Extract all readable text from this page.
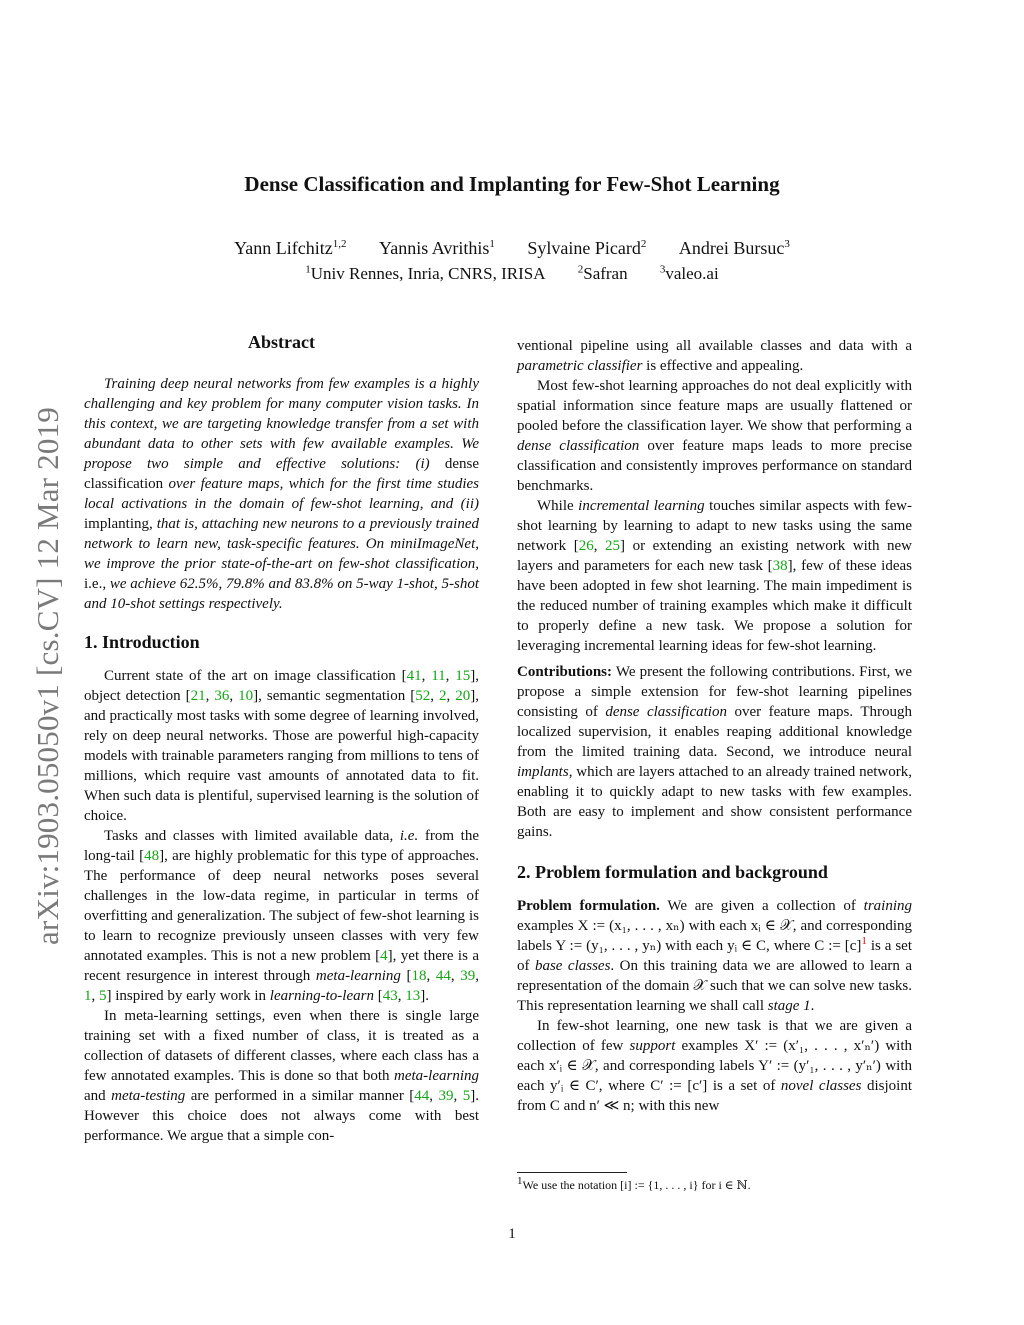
Dense Classification and Implanting for Few-Shot Learning
Yann Lifchitz$^{1,2}$ Yannis Avrithis$^1$ Sylvaine Picard$^2$ Andrei Bursuc$^3$
$^1$Univ Rennes, Inria, CNRS, IRISA	$^2$Safran	$^3$valeo.ai
arXiv:1903.05050v1 [cs.CV] 12 Mar 2019
Abstract

Training deep neural networks from few examples is a highly challenging and key problem for many computer vision tasks. In this context, we are targeting knowledge transfer from a set with abundant data to other sets with few available examples. We propose two simple and effective solutions: (i) dense classification over feature maps, which for the first time studies local activations in the domain of few-shot learning, and (ii) implanting, that is, attaching new neurons to a previously trained network to learn new, task-specific features. On miniImageNet, we improve the prior state-of-the-art on few-shot classification, i.e., we achieve 62.5%, 79.8% and 83.8% on 5-way 1-shot, 5-shot and 10-shot settings respectively.

1. Introduction

Current state of the art on image classification [41, 11, 15], object detection [21, 36, 10], semantic segmentation [52, 2, 20], and practically most tasks with some degree of learning involved, rely on deep neural networks. Those are powerful high-capacity models with trainable parameters ranging from millions to tens of millions, which require vast amounts of annotated data to fit. When such data is plentiful, supervised learning is the solution of choice.

Tasks and classes with limited available data, i.e. from the long-tail [48], are highly problematic for this type of approaches. The performance of deep neural networks poses several challenges in the low-data regime, in particular in terms of overfitting and generalization. The subject of few-shot learning is to learn to recognize previously unseen classes with very few annotated examples. This is not a new problem [4], yet there is a recent resurgence in interest through meta-learning [18, 44, 39, 1, 5] inspired by early work in learning-to-learn [43, 13].

In meta-learning settings, even when there is single large training set with a fixed number of class, it is treated as a collection of datasets of different classes, where each class has a few annotated examples. This is done so that both meta-learning and meta-testing are performed in a similar manner [44, 39, 5]. However this choice does not always come with best performance. We argue that a simple con-

ventional pipeline using all available classes and data with a parametric classifier is effective and appealing.

Most few-shot learning approaches do not deal explicitly with spatial information since feature maps are usually flattened or pooled before the classification layer. We show that performing a dense classification over feature maps leads to more precise classification and consistently improves performance on standard benchmarks.

While incremental learning touches similar aspects with few-shot learning by learning to adapt to new tasks using the same network [26, 25] or extending an existing network with new layers and parameters for each new task [38], few of these ideas have been adopted in few shot learning. The main impediment is the reduced number of training examples which make it difficult to properly define a new task. We propose a solution for leveraging incremental learning ideas for few-shot learning.

Contributions: We present the following contributions. First, we propose a simple extension for few-shot learning pipelines consisting of dense classification over feature maps. Through localized supervision, it enables reaping additional knowledge from the limited training data. Second, we introduce neural implants, which are layers attached to an already trained network, enabling it to quickly adapt to new tasks with few examples. Both are easy to implement and show consistent performance gains.

2. Problem formulation and background

Problem formulation. We are given a collection of training examples X := (x₁, . . . , xₙ) with each xᵢ ∈ 𝒳, and corresponding labels Y := (y₁, . . . , yₙ) with each yᵢ ∈ C, where C := $[c]^1$ is a set of base classes. On this training data we are allowed to learn a representation of the domain 𝒳 such that we can solve new tasks. This representation learning we shall call stage 1.

In few-shot learning, one new task is that we are given a collection of few support examples X′ := (x′₁, . . . , x′ₙ′) with each x′ᵢ ∈ 𝒳, and corresponding labels Y′ := (y′₁, . . . , y′ₙ′) with each y′ᵢ ∈ C′, where C′ := [c′] is a set of novel classes disjoint from C and n′ ≪ n; with this new

$^1$We use the notation [i] := {1, . . . , i} for i ∈ ℕ.
1
